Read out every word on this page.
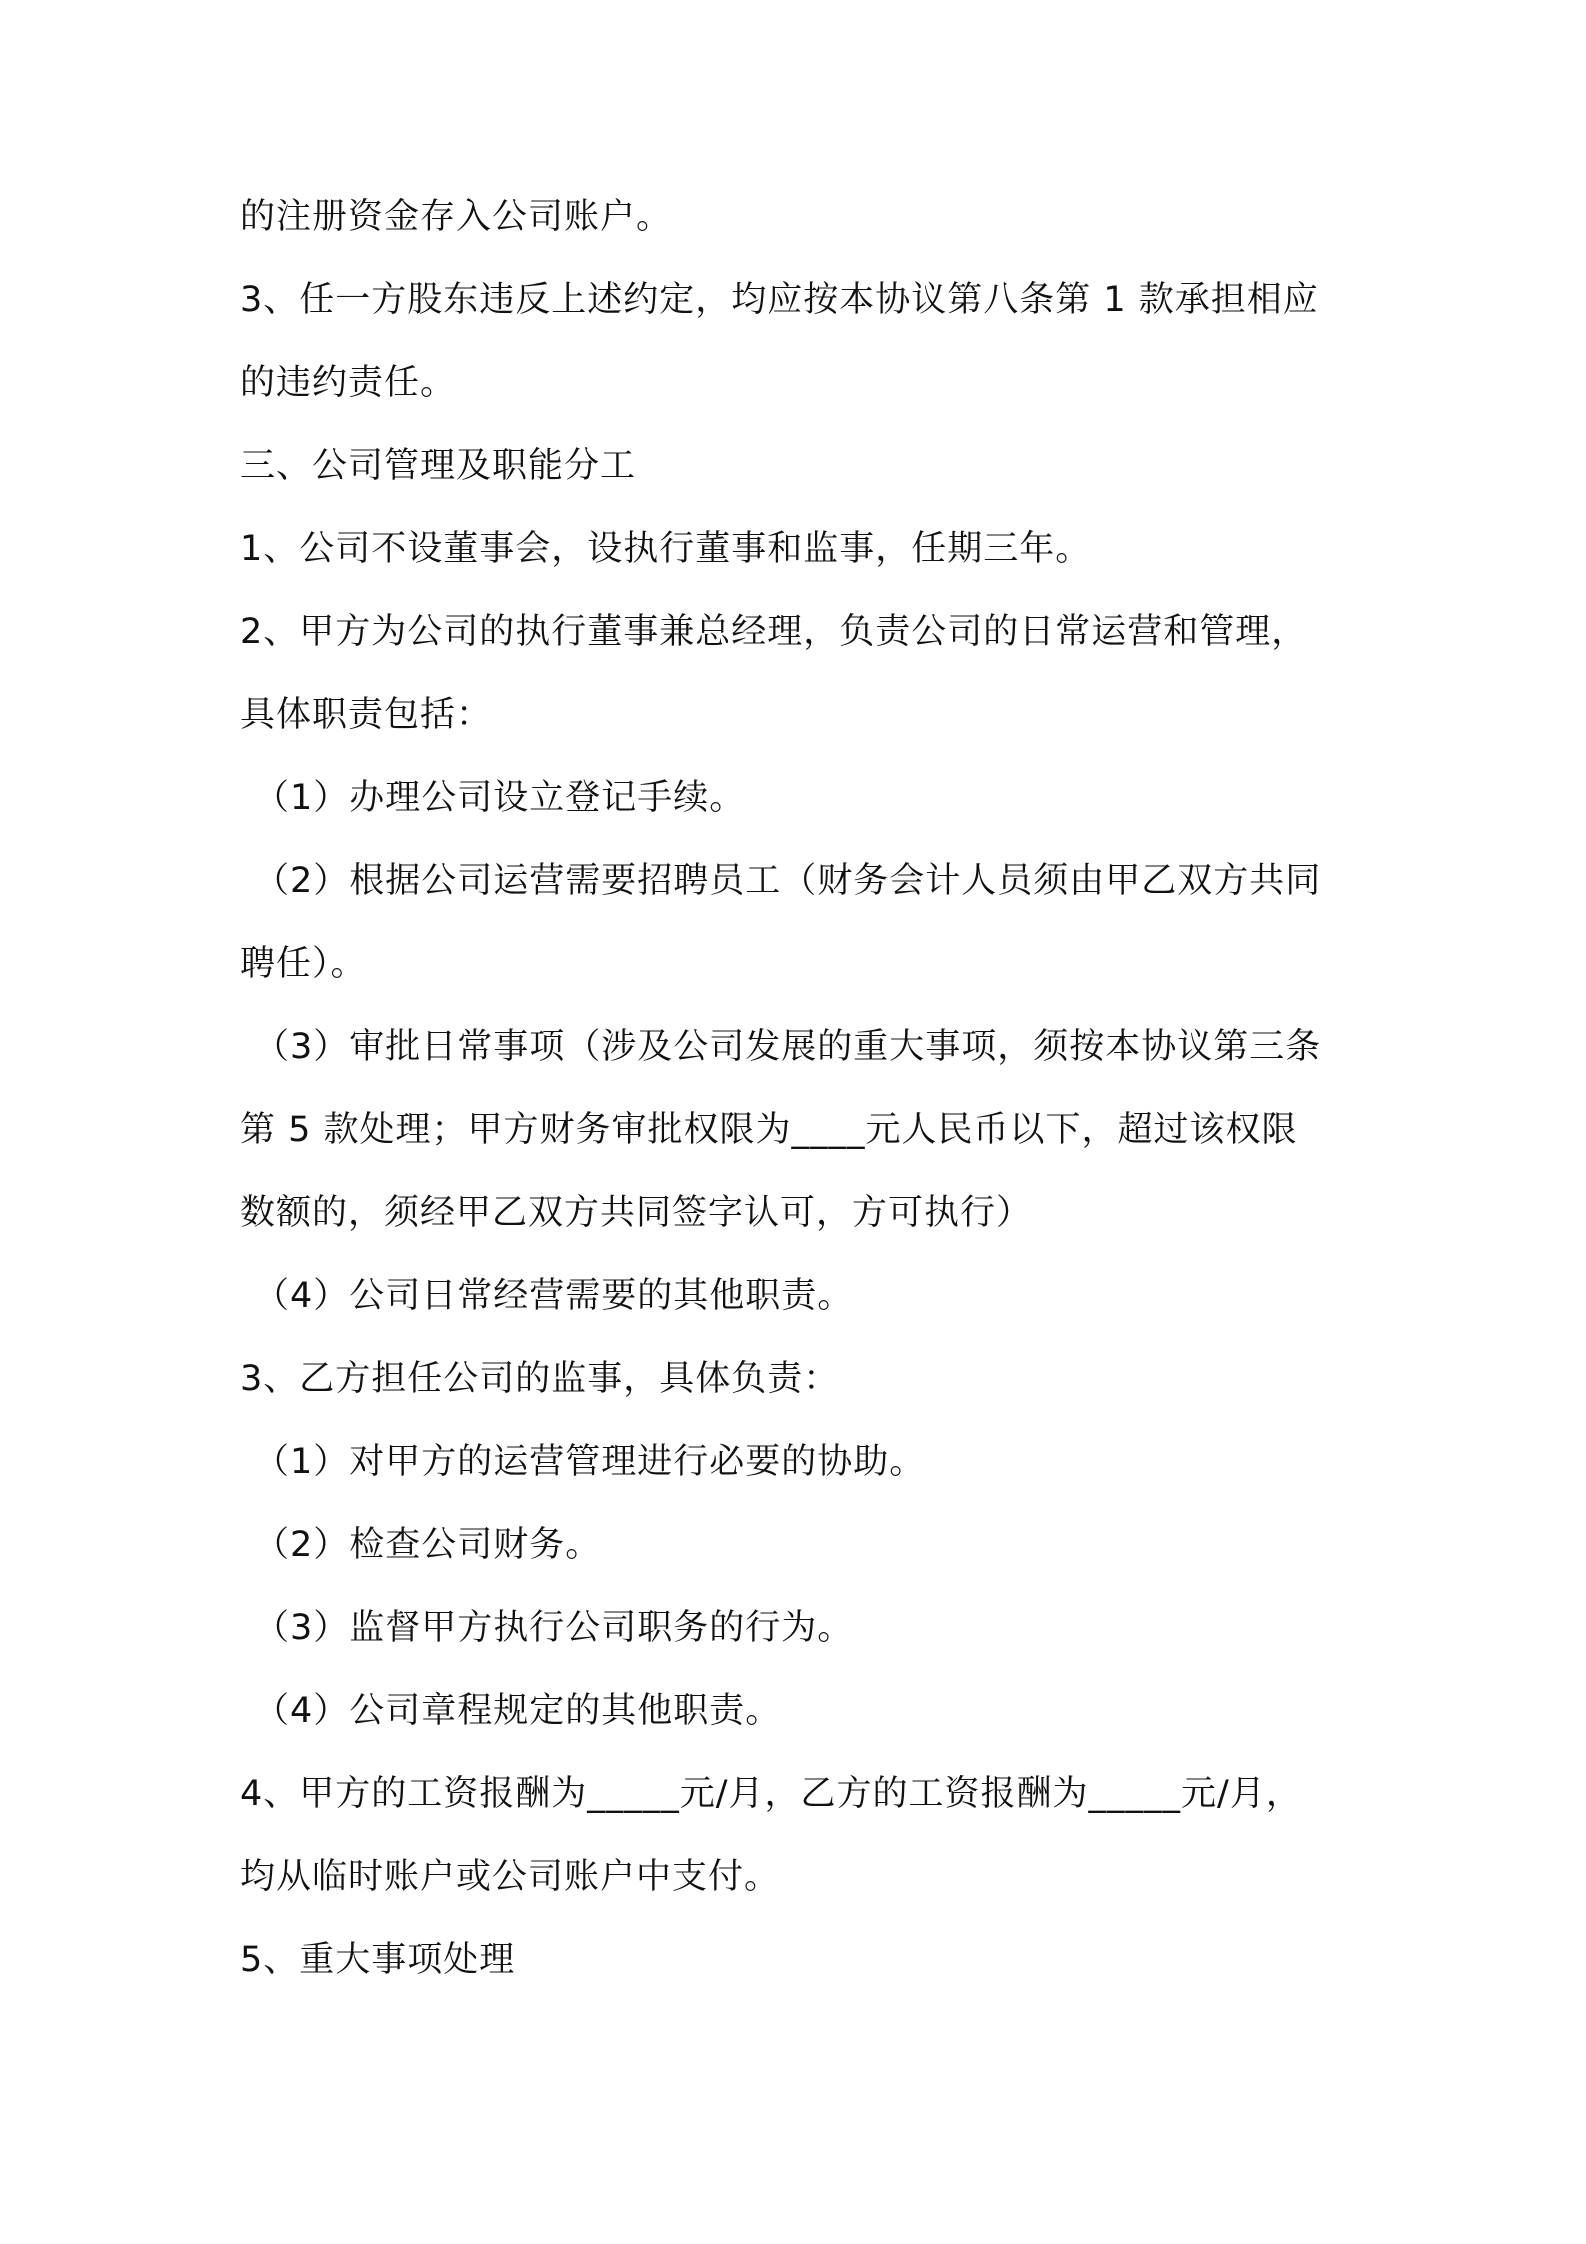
的注册资金存入公司账户。
3、任一方股东违反上述约定，均应按本协议第八条第 1 款承担相应
的违约责任。
三、公司管理及职能分工
1、公司不设董事会，设执行董事和监事，任期三年。
2、甲方为公司的执行董事兼总经理，负责公司的日常运营和管理，
具体职责包括：
（1）办理公司设立登记手续。
（2）根据公司运营需要招聘员工（财务会计人员须由甲乙双方共同
聘任）。
（3）审批日常事项（涉及公司发展的重大事项，须按本协议第三条
第 5 款处理；甲方财务审批权限为____元人民币以下，超过该权限
数额的，须经甲乙双方共同签字认可，方可执行）
（4）公司日常经营需要的其他职责。
3、乙方担任公司的监事，具体负责：
（1）对甲方的运营管理进行必要的协助。
（2）检查公司财务。
（3）监督甲方执行公司职务的行为。
（4）公司章程规定的其他职责。
4、甲方的工资报酬为_____元/月，乙方的工资报酬为_____元/月，
均从临时账户或公司账户中支付。
5、重大事项处理
